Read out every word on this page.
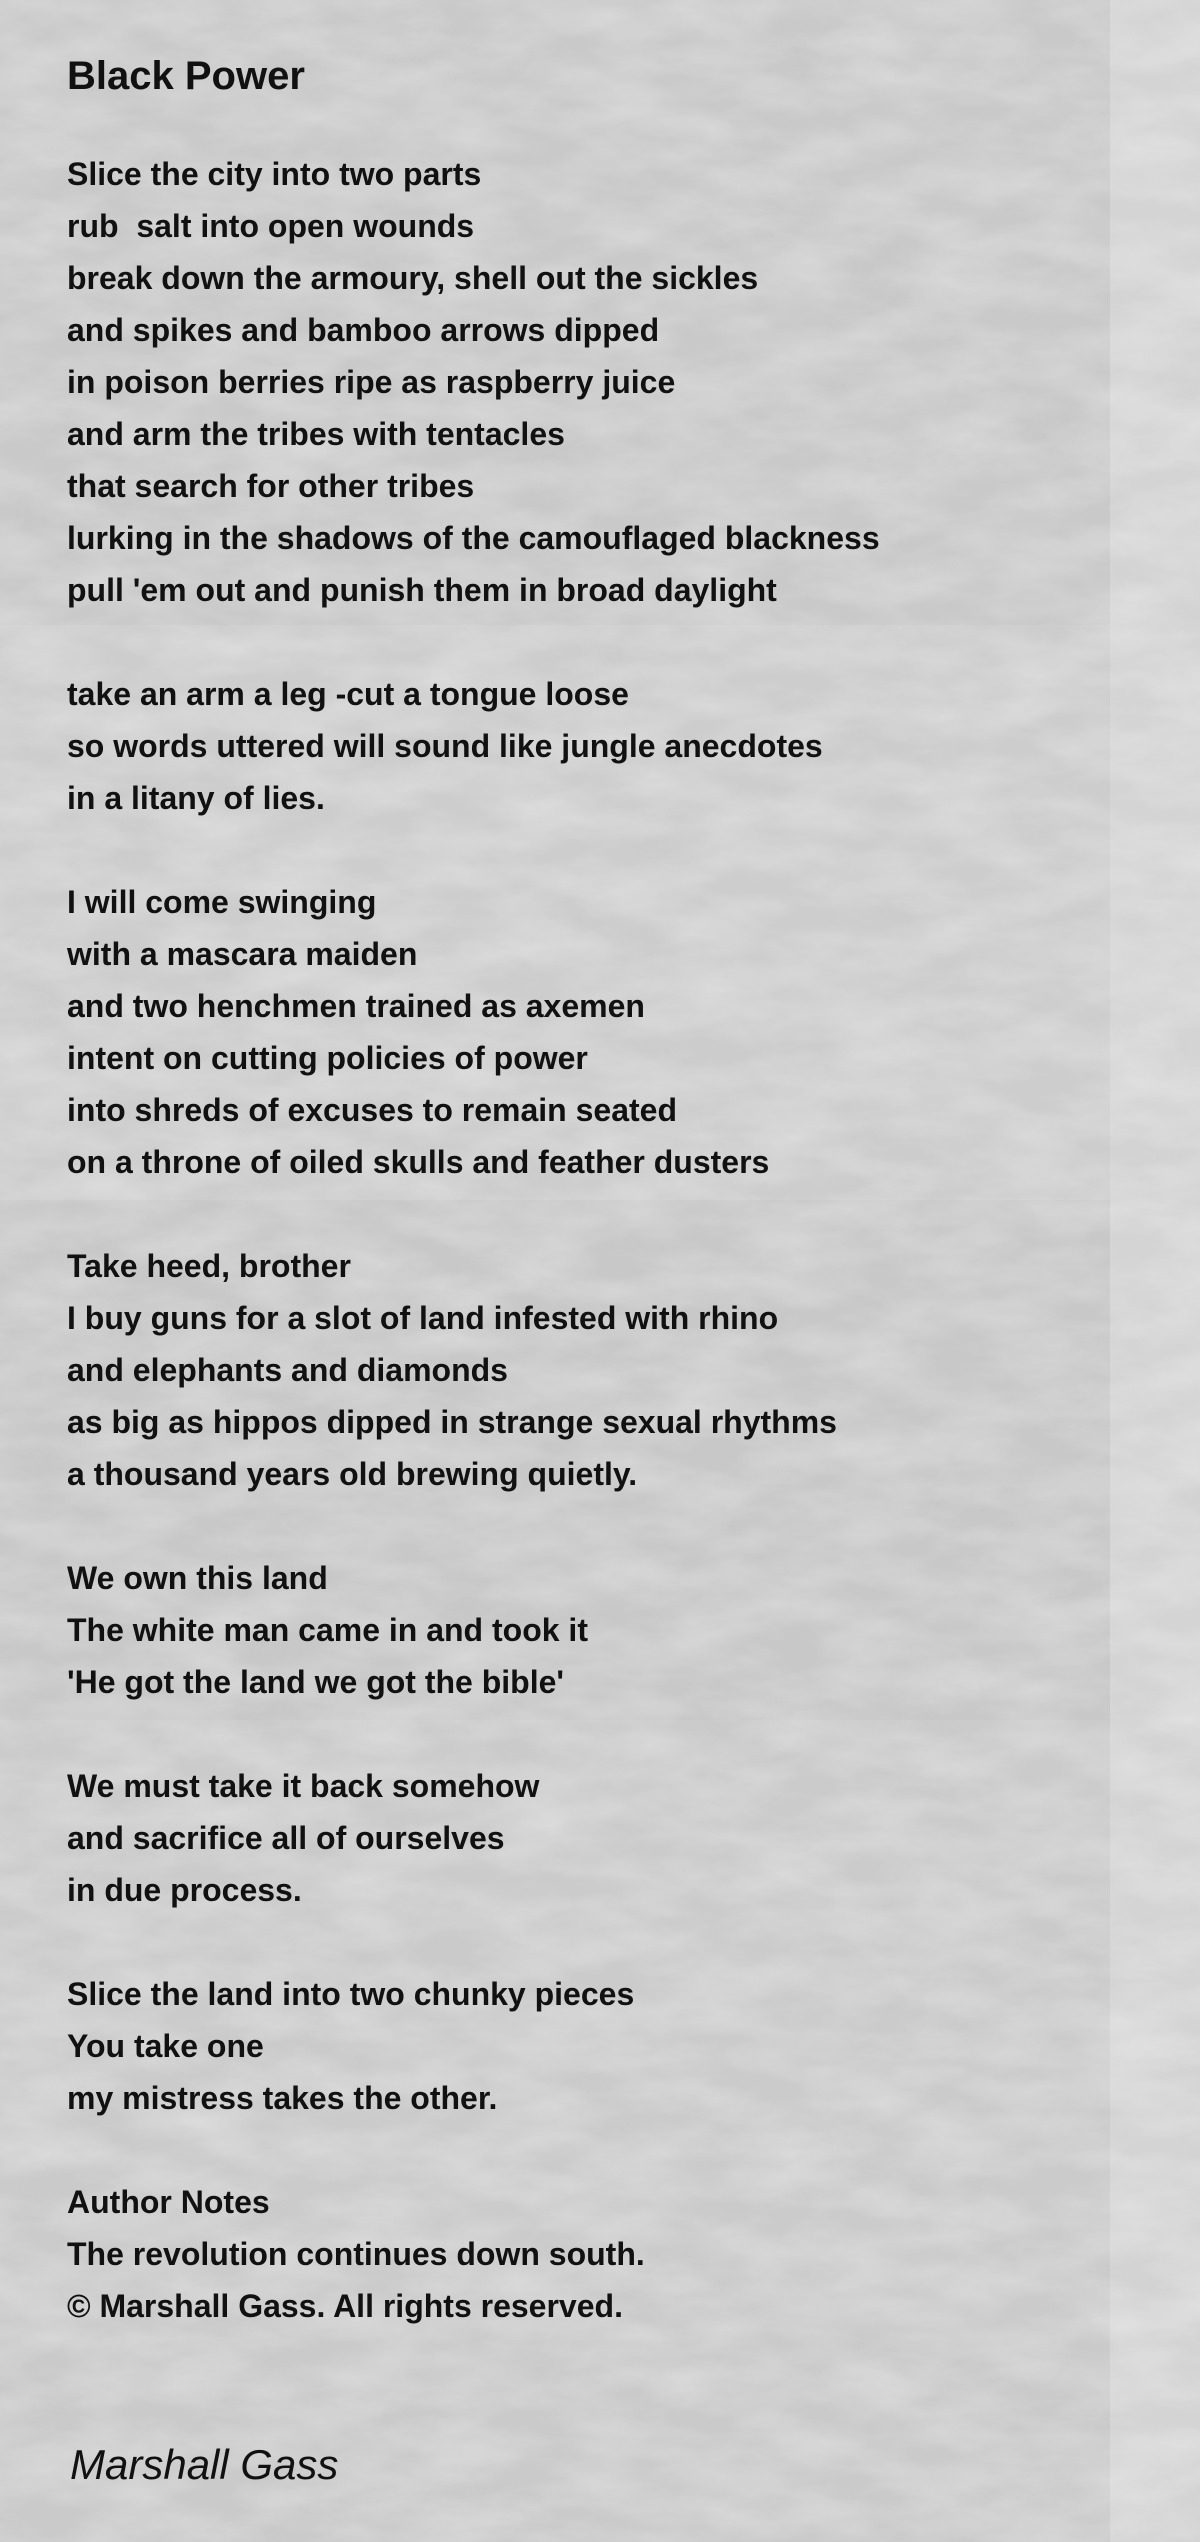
Black Power
Slice the city into two parts
rub  salt into open wounds
break down the armoury, shell out the sickles
and spikes and bamboo arrows dipped
in poison berries ripe as raspberry juice
and arm the tribes with tentacles
that search for other tribes
lurking in the shadows of the camouflaged blackness
pull 'em out and punish them in broad daylight
take an arm a leg -cut a tongue loose
so words uttered will sound like jungle anecdotes
in a litany of lies.
I will come swinging
with a mascara maiden
and two henchmen trained as axemen
intent on cutting policies of power
into shreds of excuses to remain seated
on a throne of oiled skulls and feather dusters
Take heed, brother
I buy guns for a slot of land infested with rhino
and elephants and diamonds
as big as hippos dipped in strange sexual rhythms
a thousand years old brewing quietly.
We own this land
The white man came in and took it
'He got the land we got the bible'
We must take it back somehow
and sacrifice all of ourselves
in due process.
Slice the land into two chunky pieces
You take one
my mistress takes the other.
Author Notes
The revolution continues down south.
© Marshall Gass. All rights reserved.

Marshall Gass
